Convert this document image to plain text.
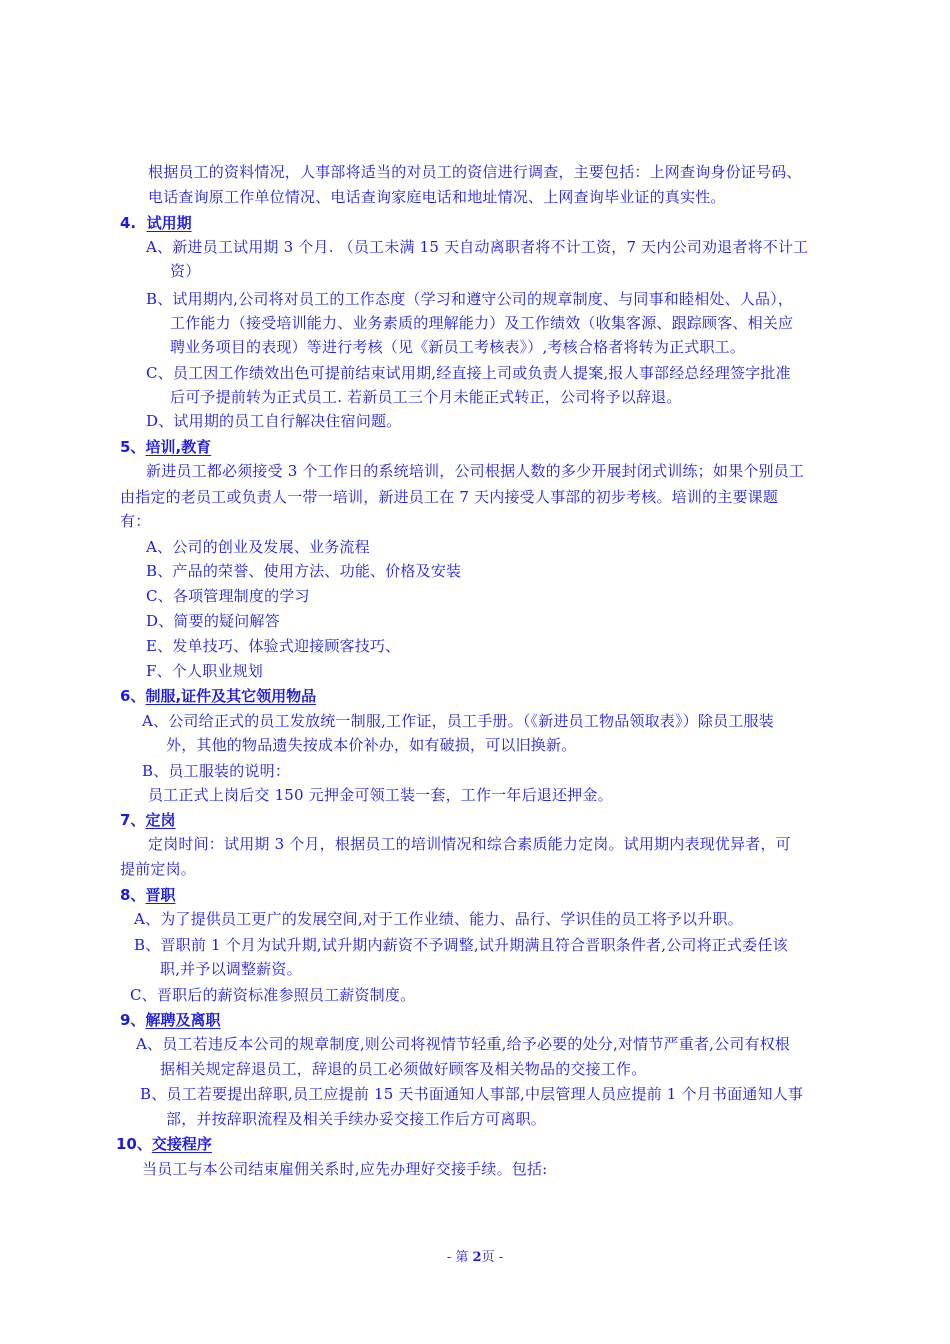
根据员工的资料情况，人事部将适当的对员工的资信进行调查，主要包括：上网查询身份证号码、
电话查询原工作单位情况、电话查询家庭电话和地址情况、上网查询毕业证的真实性。
4. 试用期
A、新进员工试用期 3 个月. （员工未满 15 天自动离职者将不计工资，7 天内公司劝退者将不计工
资）
B、试用期内,公司将对员工的工作态度（学习和遵守公司的规章制度、与同事和睦相处、人品），
工作能力（接受培训能力、业务素质的理解能力）及工作绩效（收集客源、跟踪顾客、相关应
聘业务项目的表现）等进行考核（见《新员工考核表》）,考核合格者将转为正式职工。
C、员工因工作绩效出色可提前结束试用期,经直接上司或负责人提案,报人事部经总经理签字批准
后可予提前转为正式员工. 若新员工三个月未能正式转正，公司将予以辞退。
D、试用期的员工自行解决住宿问题。
5、培训,教育
新进员工都必须接受 3 个工作日的系统培训，公司根据人数的多少开展封闭式训练；如果个别员工
由指定的老员工或负责人一带一培训，新进员工在 7 天内接受人事部的初步考核。培训的主要课题
有：
A、公司的创业及发展、业务流程
B、产品的荣誉、使用方法、功能、价格及安装
C、各项管理制度的学习
D、简要的疑问解答
E、发单技巧、体验式迎接顾客技巧、
F、个人职业规划
6、制服,证件及其它领用物品
A、公司给正式的员工发放统一制服,工作证，员工手册。（《新进员工物品领取表》）除员工服装
外，其他的物品遗失按成本价补办，如有破损，可以旧换新。
B、员工服装的说明：
员工正式上岗后交 150 元押金可领工装一套，工作一年后退还押金。
7、定岗
定岗时间：试用期 3 个月，根据员工的培训情况和综合素质能力定岗。试用期内表现优异者，可
提前定岗。
8、晋职
A、为了提供员工更广的发展空间,对于工作业绩、能力、品行、学识佳的员工将予以升职。
B、晋职前 1 个月为试升期,试升期内薪资不予调整,试升期满且符合晋职条件者,公司将正式委任该
职,并予以调整薪资。
C、晋职后的薪资标准参照员工薪资制度。
9、解聘及离职
A、员工若违反本公司的规章制度,则公司将视情节轻重,给予必要的处分,对情节严重者,公司有权根
据相关规定辞退员工，辞退的员工必须做好顾客及相关物品的交接工作。
B、员工若要提出辞职,员工应提前 15 天书面通知人事部,中层管理人员应提前 1 个月书面通知人事
部，并按辞职流程及相关手续办妥交接工作后方可离职。
10、交接程序
当员工与本公司结束雇佣关系时,应先办理好交接手续。包括:
- 第 2页 -
